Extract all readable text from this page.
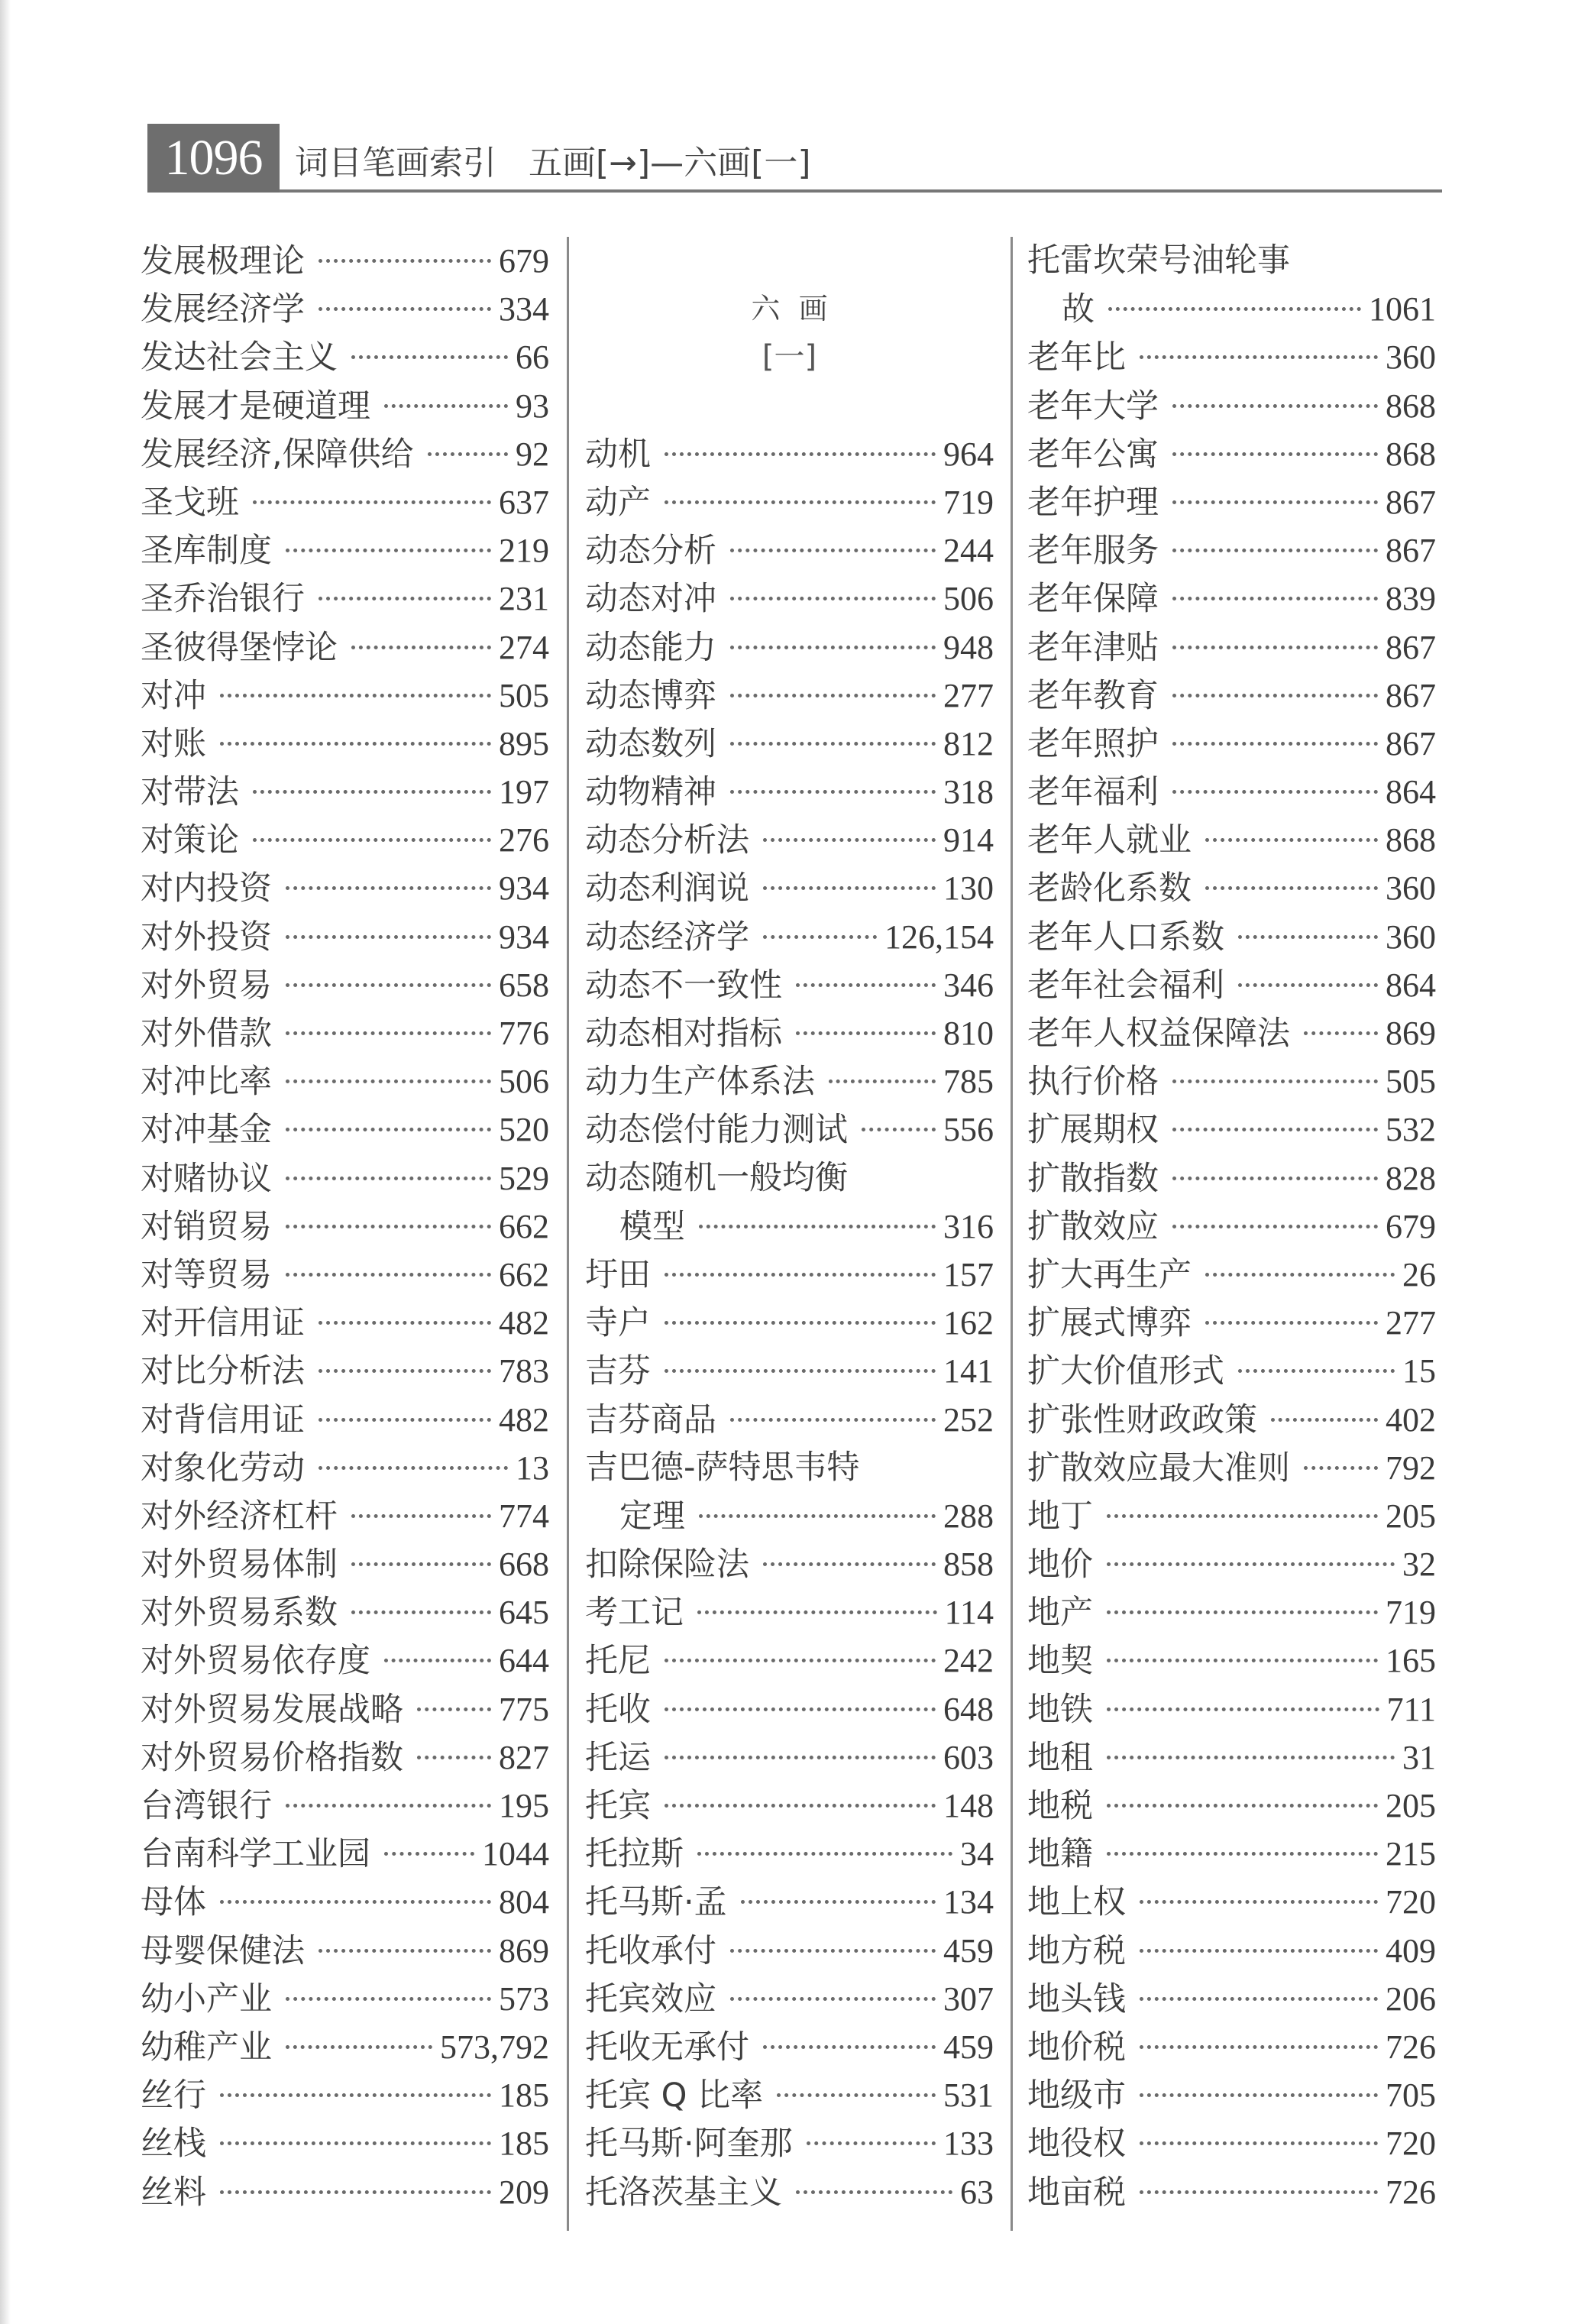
1096 词目笔画索引   五画[→]—六画[一]
发展极理论	679
发展经济学	334
发达社会主义	66
发展才是硬道理	93
发展经济,保障供给	92
圣戈班	637
圣库制度	219
圣乔治银行	231
圣彼得堡悖论	274
对冲	505
对账	895
对带法	197
对策论	276
对内投资	934
对外投资	934
对外贸易	658
对外借款	776
对冲比率	506
对冲基金	520
对赌协议	529
对销贸易	662
对等贸易	662
对开信用证	482
对比分析法	783
对背信用证	482
对象化劳动	13
对外经济杠杆	774
对外贸易体制	668
对外贸易系数	645
对外贸易依存度	644
对外贸易发展战略	775
对外贸易价格指数	827
台湾银行	195
台南科学工业园	1044
母体	804
母婴保健法	869
幼小产业	573
幼稚产业	573,792
丝行	185
丝栈	185
丝料	209
六  画
[一]
动机	964
动产	719
动态分析	244
动态对冲	506
动态能力	948
动态博弈	277
动态数列	812
动物精神	318
动态分析法	914
动态利润说	130
动态经济学	126,154
动态不一致性	346
动态相对指标	810
动力生产体系法	785
动态偿付能力测试	556
动态随机一般均衡
模型	316
圩田	157
寺户	162
吉芬	141
吉芬商品	252
吉巴德-萨特思韦特
定理	288
扣除保险法	858
考工记	114
托尼	242
托收	648
托运	603
托宾	148
托拉斯	34
托马斯·孟	134
托收承付	459
托宾效应	307
托收无承付	459
托宾 Q 比率	531
托马斯·阿奎那	133
托洛茨基主义	63
托雷坎荣号油轮事
故	1061
老年比	360
老年大学	868
老年公寓	868
老年护理	867
老年服务	867
老年保障	839
老年津贴	867
老年教育	867
老年照护	867
老年福利	864
老年人就业	868
老龄化系数	360
老年人口系数	360
老年社会福利	864
老年人权益保障法	869
执行价格	505
扩展期权	532
扩散指数	828
扩散效应	679
扩大再生产	26
扩展式博弈	277
扩大价值形式	15
扩张性财政政策	402
扩散效应最大准则	792
地丁	205
地价	32
地产	719
地契	165
地铁	711
地租	31
地税	205
地籍	215
地上权	720
地方税	409
地头钱	206
地价税	726
地级市	705
地役权	720
地亩税	726
